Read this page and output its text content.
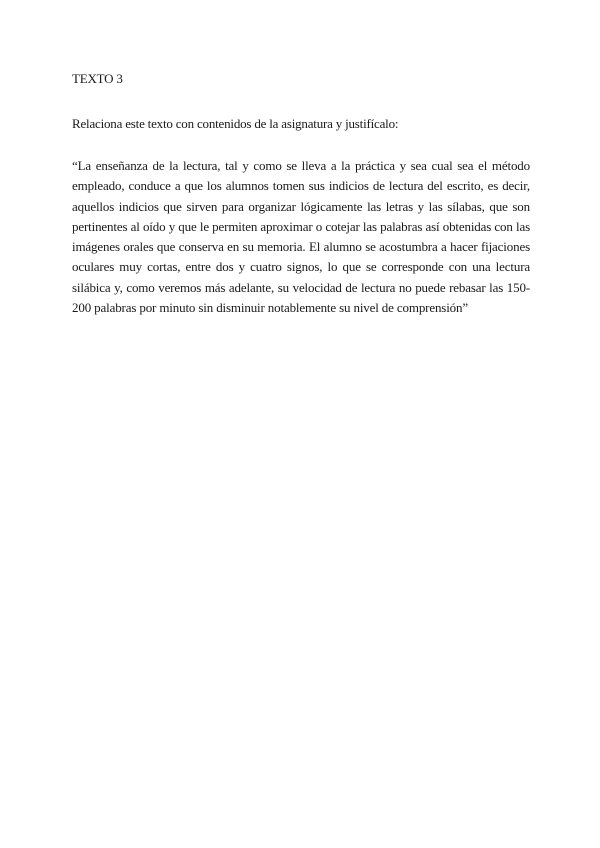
TEXTO 3
Relaciona este texto con contenidos de la asignatura y justifícalo:

“La enseñanza de la lectura, tal y como se lleva a la práctica y sea cual sea el método empleado, conduce a que los alumnos tomen sus indicios de lectura del escrito, es decir, aquellos indicios que sirven para organizar lógicamente las letras y las sílabas, que son pertinentes al oído y que le permiten aproximar o cotejar las palabras así obtenidas con las imágenes orales que conserva en su memoria. El alumno se acostumbra a hacer fijaciones oculares muy cortas, entre dos y cuatro signos, lo que se corresponde con una lectura silábica y, como veremos más adelante, su velocidad de lectura no puede rebasar las 150-200 palabras por minuto sin disminuir notablemente su nivel de comprensión”
